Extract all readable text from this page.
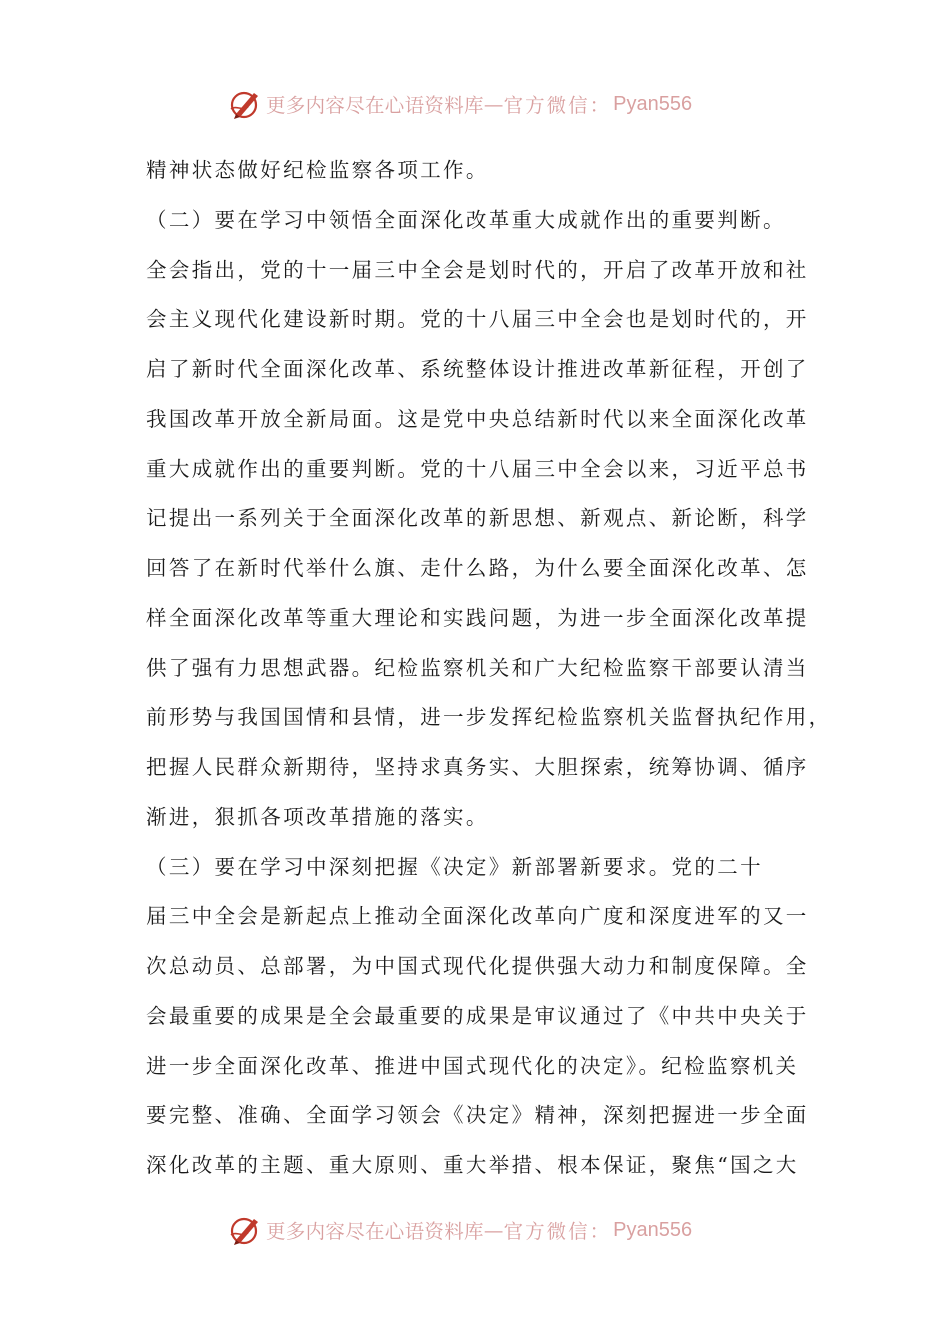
更多内容尽在心语资料库 — 官方微信： Pyan556
精神状态做好纪检监察各项工作。
（二）要在学习中领悟全面深化改革重大成就作出的重要判断。
全会指出，党的十一届三中全会是划时代的，开启了改革开放和社
会主义现代化建设新时期。党的十八届三中全会也是划时代的，开
启了新时代全面深化改革、系统整体设计推进改革新征程，开创了
我国改革开放全新局面。这是党中央总结新时代以来全面深化改革
重大成就作出的重要判断。党的十八届三中全会以来，习近平总书
记提出一系列关于全面深化改革的新思想、新观点、新论断，科学
回答了在新时代举什么旗、走什么路，为什么要全面深化改革、怎
样全面深化改革等重大理论和实践问题，为进一步全面深化改革提
供了强有力思想武器。纪检监察机关和广大纪检监察干部要认清当
前形势与我国国情和县情，进一步发挥纪检监察机关监督执纪作用，
把握人民群众新期待，坚持求真务实、大胆探索，统筹协调、循序
渐进，狠抓各项改革措施的落实。
（三）要在学习中深刻把握《决定》新部署新要求。党的二十
届三中全会是新起点上推动全面深化改革向广度和深度进军的又一
次总动员、总部署，为中国式现代化提供强大动力和制度保障。全
会最重要的成果是全会最重要的成果是审议通过了《中共中央关于
进一步全面深化改革、推进中国式现代化的决定》。纪检监察机关
要完整、准确、全面学习领会《决定》精神，深刻把握进一步全面
深化改革的主题、重大原则、重大举措、根本保证，聚焦“国之大
更多内容尽在心语资料库 — 官方微信： Pyan556
